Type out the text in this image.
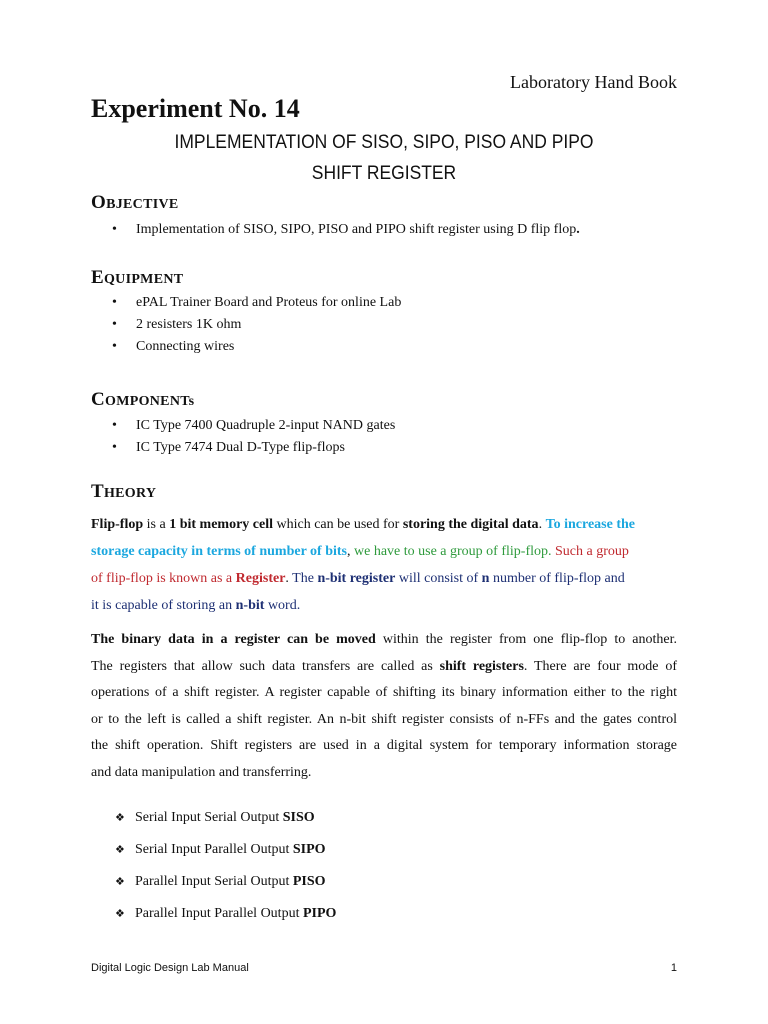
Laboratory Hand Book
Experiment No. 14
IMPLEMENTATION OF SISO, SIPO, PISO AND PIPO
SHIFT REGISTER
OBJECTIVE
• Implementation of SISO, SIPO, PISO and PIPO shift register using D flip flop.
EQUIPMENT
• ePAL Trainer Board and Proteus for online Lab
• 2 resisters 1K ohm
• Connecting wires
COMPONENTs
• IC Type 7400 Quadruple 2-input NAND gates
• IC Type 7474 Dual D-Type flip-flops
THEORY
Flip-flop is a 1 bit memory cell which can be used for storing the digital data. To increase the
storage capacity in terms of number of bits, we have to use a group of flip-flop. Such a group
of flip-flop is known as a Register. The n-bit register will consist of n number of flip-flop and
it is capable of storing an n-bit word.
The binary data in a register can be moved within the register from one flip-flop to another.
The registers that allow such data transfers are called as shift registers. There are four mode of
operations of a shift register. A register capable of shifting its binary information either to the right
or to the left is called a shift register. An n-bit shift register consists of n-FFs and the gates control
the shift operation. Shift registers are used in a digital system for temporary information storage
and data manipulation and transferring.
❖ Serial Input Serial Output SISO
❖ Serial Input Parallel Output SIPO
❖ Parallel Input Serial Output PISO
❖ Parallel Input Parallel Output PIPO
Digital Logic Design Lab Manual	1
